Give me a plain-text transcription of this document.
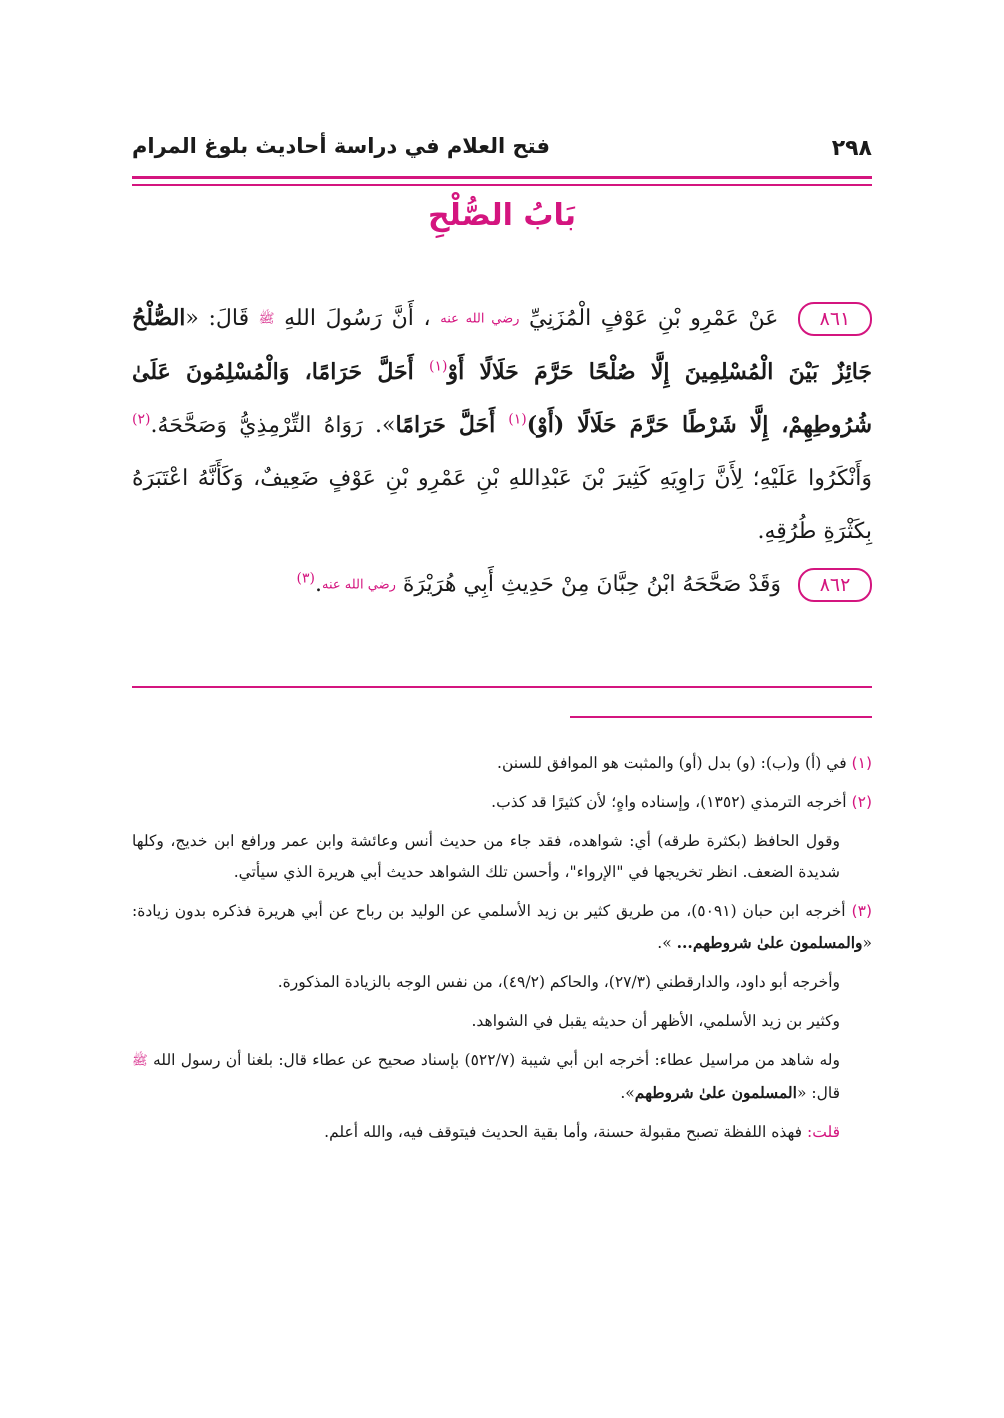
٢٩٨
فتح العلام في دراسة أحاديث بلوغ المرام
بَابُ الصُّلْحِ

٨٦١ عَنْ عَمْرِو بْنِ عَوْفٍ الْمُزَنِيِّ رضي الله عنه ، أَنَّ رَسُولَ اللهِ ﷺ قَالَ: «الصُّلْحُ جَائِزٌ بَيْنَ الْمُسْلِمِينَ إِلَّا صُلْحًا حَرَّمَ حَلَالًا أَوْ$^{(١)}$ أَحَلَّ حَرَامًا، وَالْمُسْلِمُونَ عَلَىٰ شُرُوطِهِمْ، إِلَّا شَرْطًا حَرَّمَ حَلَالًا (أَوْ)$^{(١)}$ أَحَلَّ حَرَامًا». رَوَاهُ التِّرْمِذِيُّ وَصَحَّحَهُ.$^{(٢)}$ وَأَنْكَرُوا عَلَيْهِ؛ لِأَنَّ رَاوِيَهِ كَثِيرَ بْنَ عَبْدِاللهِ بْنِ عَمْرِو بْنِ عَوْفٍ ضَعِيفٌ، وَكَأَنَّهُ اعْتَبَرَهُ بِكَثْرَةِ طُرُقِهِ.

٨٦٢ وَقَدْ صَحَّحَهُ ابْنُ حِبَّانَ مِنْ حَدِيثِ أَبِي هُرَيْرَةَ رضي الله عنه.$^{(٣)}$

(١) في (أ) و(ب): (و) بدل (أو) والمثبت هو الموافق للسنن.

(٢) أخرجه الترمذي (١٣٥٢)، وإسناده واهٍ؛ لأن كثيرًا قد كذب.

وقول الحافظ (بكثرة طرقه) أي: شواهده، فقد جاء من حديث أنس وعائشة وابن عمر ورافع ابن خديج، وكلها شديدة الضعف. انظر تخريجها في "الإرواء"، وأحسن تلك الشواهد حديث أبي هريرة الذي سيأتي.

(٣) أخرجه ابن حبان (٥٠٩١)، من طريق كثير بن زيد الأسلمي عن الوليد بن رباح عن أبي هريرة فذكره بدون زيادة: «والمسلمون علىٰ شروطهم... ».

وأخرجه أبو داود، والدارقطني (٢٧/٣)، والحاكم (٤٩/٢)، من نفس الوجه بالزيادة المذكورة.

وكثير بن زيد الأسلمي، الأظهر أن حديثه يقبل في الشواهد.

وله شاهد من مراسيل عطاء: أخرجه ابن أبي شيبة (٥٢٢/٧) بإسناد صحيح عن عطاء قال: بلغنا أن رسول الله ﷺ قال: «المسلمون علىٰ شروطهم».

قلت: فهذه اللفظة تصبح مقبولة حسنة، وأما بقية الحديث فيتوقف فيه، والله أعلم.
